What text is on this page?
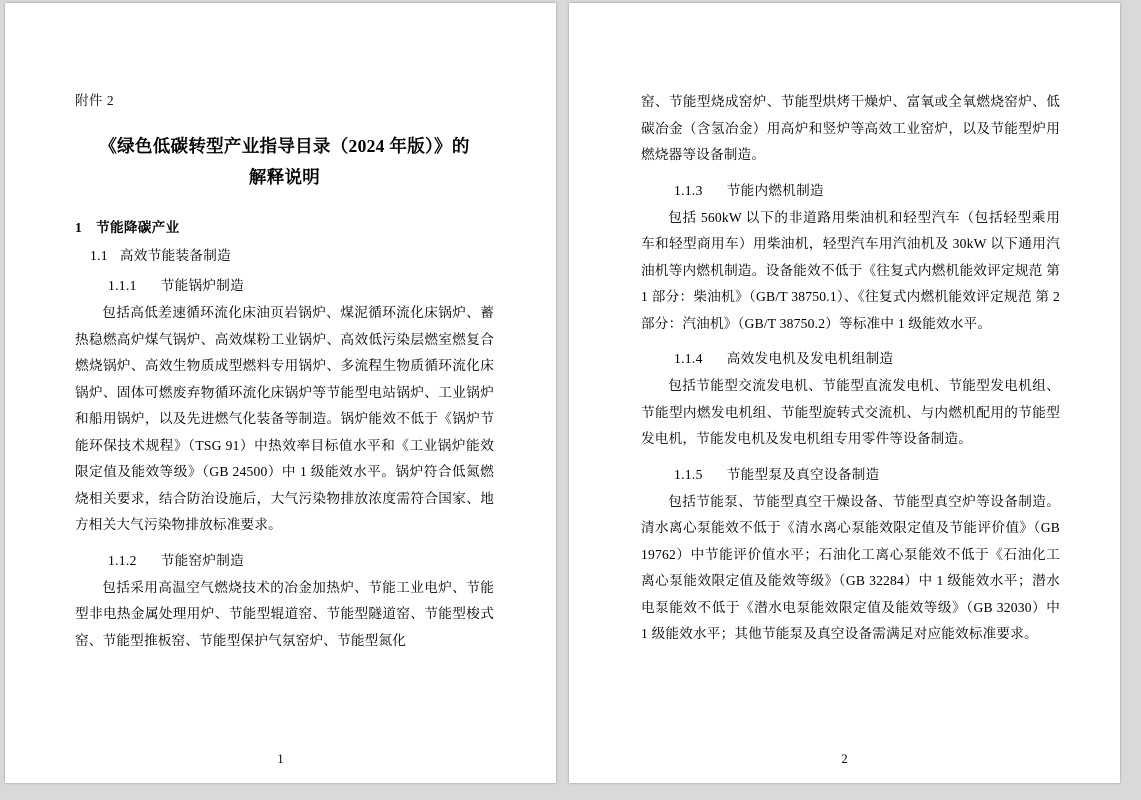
附件 2
《绿色低碳转型产业指导目录（2024 年版）》的
解释说明
1 节能降碳产业
1.1 高效节能装备制造
1.1.1 节能锅炉制造

包括高低差速循环流化床油页岩锅炉、煤泥循环流化床锅炉、蓄热稳燃高炉煤气锅炉、高效煤粉工业锅炉、高效低污染层燃室燃复合燃烧锅炉、高效生物质成型燃料专用锅炉、多流程生物质循环流化床锅炉、固体可燃废弃物循环流化床锅炉等节能型电站锅炉、工业锅炉和船用锅炉，以及先进燃气化装备等制造。锅炉能效不低于《锅炉节能环保技术规程》（TSG 91）中热效率目标值水平和《工业锅炉能效限定值及能效等级》（GB 24500）中 1 级能效水平。锅炉符合低氮燃烧相关要求，结合防治设施后，大气污染物排放浓度需符合国家、地方相关大气污染物排放标准要求。

1.1.2 节能窑炉制造

包括采用高温空气燃烧技术的冶金加热炉、节能工业电炉、节能型非电热金属处理用炉、节能型辊道窑、节能型隧道窑、节能型梭式窑、节能型推板窑、节能型保护气氛窑炉、节能型氮化

1

窑、节能型烧成窑炉、节能型烘烤干燥炉、富氧或全氧燃烧窑炉、低碳冶金（含氢冶金）用高炉和竖炉等高效工业窑炉，以及节能型炉用燃烧器等设备制造。

1.1.3 节能内燃机制造

包括 560kW 以下的非道路用柴油机和轻型汽车（包括轻型乘用车和轻型商用车）用柴油机，轻型汽车用汽油机及 30kW 以下通用汽油机等内燃机制造。设备能效不低于《往复式内燃机能效评定规范 第 1 部分：柴油机》（GB/T 38750.1）、《往复式内燃机能效评定规范 第 2 部分：汽油机》（GB/T 38750.2）等标准中 1 级能效水平。

1.1.4 高效发电机及发电机组制造

包括节能型交流发电机、节能型直流发电机、节能型发电机组、节能型内燃发电机组、节能型旋转式交流机、与内燃机配用的节能型发电机，节能发电机及发电机组专用零件等设备制造。

1.1.5 节能型泵及真空设备制造

包括节能泵、节能型真空干燥设备、节能型真空炉等设备制造。清水离心泵能效不低于《清水离心泵能效限定值及节能评价值》（GB 19762）中节能评价值水平；石油化工离心泵能效不低于《石油化工离心泵能效限定值及能效等级》（GB 32284）中 1 级能效水平；潜水电泵能效不低于《潜水电泵能效限定值及能效等级》（GB 32030）中 1 级能效水平；其他节能泵及真空设备需满足对应能效标准要求。

2
